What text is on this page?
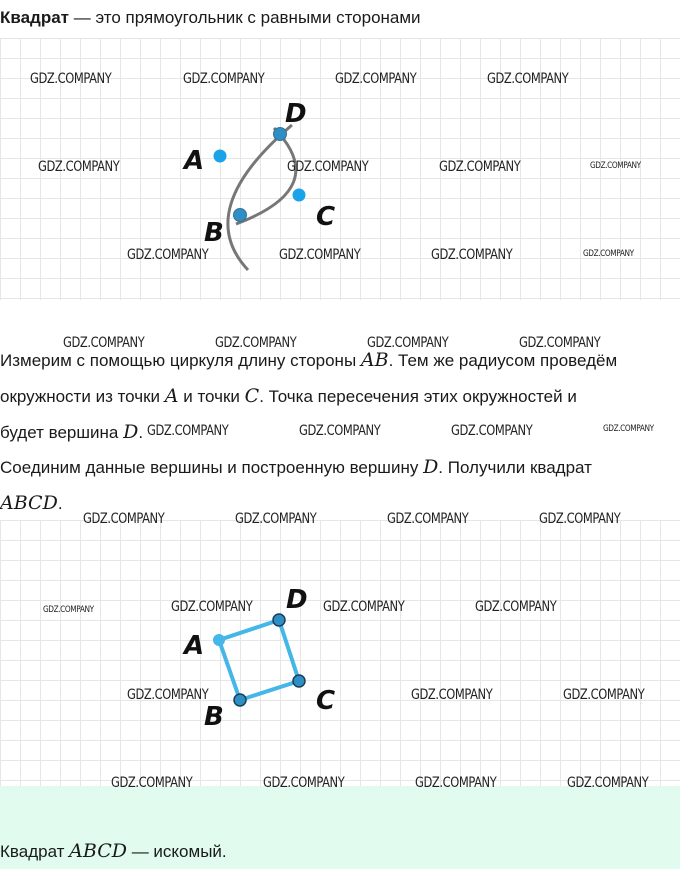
Квадрат — это прямоугольник с равными сторонами

A
B
C
D

Измерим с помощью циркуля длину стороны AB. Тем же радиусом проведём

окружности из точки A и точки C. Точка пересечения этих окружностей и

будет вершина D.

Соединим данные вершины и построенную вершину D. Получили квадрат

ABCD.

A
B
C
D

Квадрат ABCD — искомый.

GDZ.COMPANY	GDZ.COMPANY	GDZ.COMPANY	GDZ.COMPANY
GDZ.COMPANY	GDZ.COMPANY	GDZ.COMPANY	GDZ.COMPANY
GDZ.COMPANY	GDZ.COMPANY	GDZ.COMPANY	GDZ.COMPANY
GDZ.COMPANY	GDZ.COMPANY	GDZ.COMPANY	GDZ.COMPANY
GDZ.COMPANY	GDZ.COMPANY	GDZ.COMPANY	GDZ.COMPANY
GDZ.COMPANY	GDZ.COMPANY	GDZ.COMPANY	GDZ.COMPANY
GDZ.COMPANY	GDZ.COMPANY	GDZ.COMPANY	GDZ.COMPANY
GDZ.COMPANY	GDZ.COMPANY	GDZ.COMPANY
GDZ.COMPANY	GDZ.COMPANY	GDZ.COMPANY	GDZ.COMPANY
